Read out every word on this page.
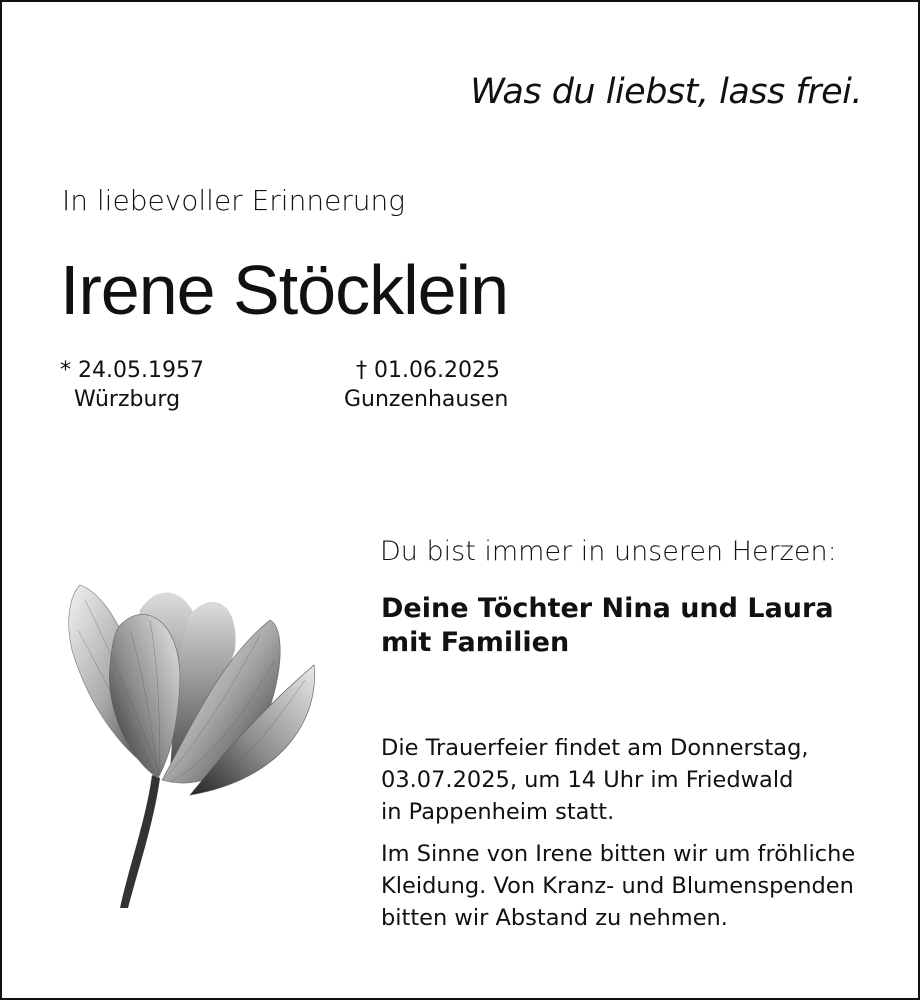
Was du liebst, lass frei.
In liebevoller Erinnerung
Irene Stöcklein
* 24.05.1957
Würzburg
† 01.06.2025
Gunzenhausen
Du bist immer in unseren Herzen:
Deine Töchter Nina und Laura
mit Familien
Die Trauerfeier findet am Donnerstag,
03.07.2025, um 14 Uhr im Friedwald
in Pappenheim statt.
Im Sinne von Irene bitten wir um fröhliche
Kleidung. Von Kranz- und Blumenspenden
bitten wir Abstand zu nehmen.
